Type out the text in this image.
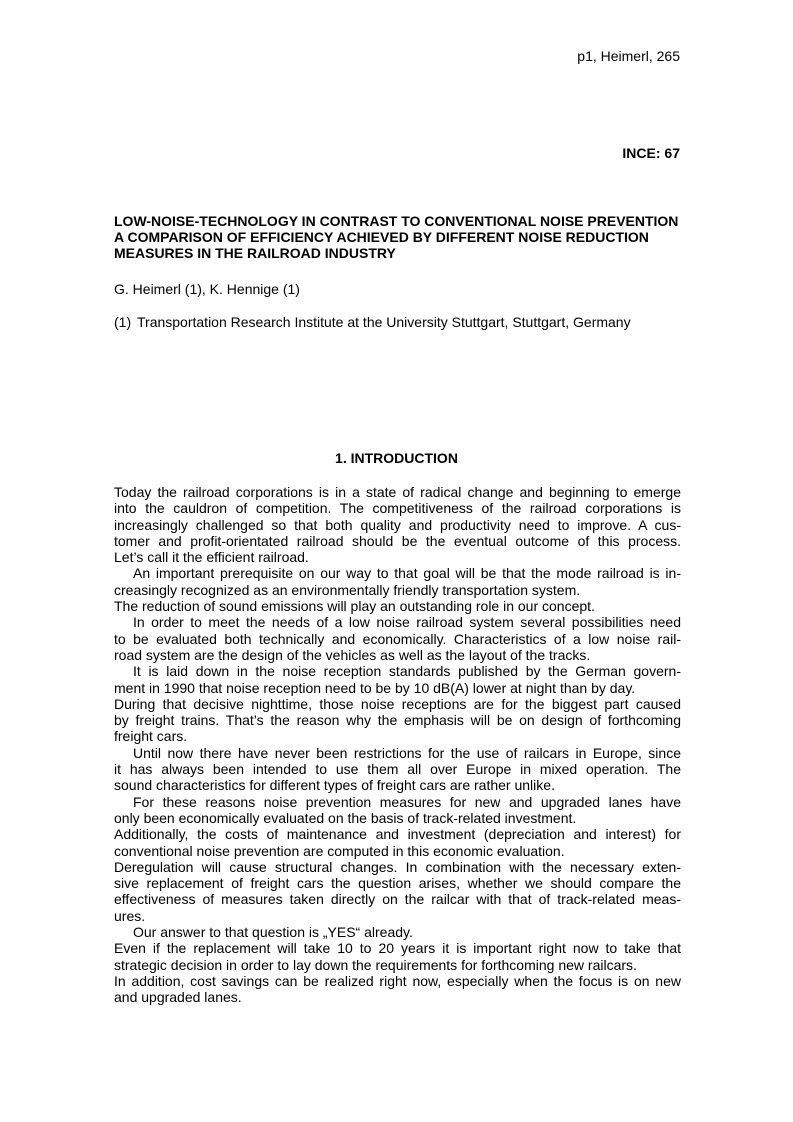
p1, Heimerl, 265
INCE: 67
LOW-NOISE-TECHNOLOGY IN CONTRAST TO CONVENTIONAL NOISE PREVENTION
A COMPARISON OF EFFICIENCY ACHIEVED BY DIFFERENT NOISE REDUCTION
MEASURES IN THE RAILROAD INDUSTRY
G. Heimerl (1), K. Hennige (1)
(1) Transportation Research Institute at the University Stuttgart, Stuttgart, Germany
1. INTRODUCTION
Today the railroad corporations is in a state of radical change and beginning to emerge
into the cauldron of competition. The competitiveness of the railroad corporations is
increasingly challenged so that both quality and productivity need to improve. A cus-
tomer and profit-orientated railroad should be the eventual outcome of this process.
Let’s call it the efficient railroad.
An important prerequisite on our way to that goal will be that the mode railroad is in-
creasingly recognized as an environmentally friendly transportation system.
The reduction of sound emissions will play an outstanding role in our concept.
In order to meet the needs of a low noise railroad system several possibilities need
to be evaluated both technically and economically. Characteristics of a low noise rail-
road system are the design of the vehicles as well as the layout of the tracks.
It is laid down in the noise reception standards published by the German govern-
ment in 1990 that noise reception need to be by 10 dB(A) lower at night than by day.
During that decisive nighttime, those noise receptions are for the biggest part caused
by freight trains. That’s the reason why the emphasis will be on design of forthcoming
freight cars.
Until now there have never been restrictions for the use of railcars in Europe, since
it has always been intended to use them all over Europe in mixed operation. The
sound characteristics for different types of freight cars are rather unlike.
For these reasons noise prevention measures for new and upgraded lanes have
only been economically evaluated on the basis of track-related investment.
Additionally, the costs of maintenance and investment (depreciation and interest) for
conventional noise prevention are computed in this economic evaluation.
Deregulation will cause structural changes. In combination with the necessary exten-
sive replacement of freight cars the question arises, whether we should compare the
effectiveness of measures taken directly on the railcar with that of track-related meas-
ures.
Our answer to that question is „YES“ already.
Even if the replacement will take 10 to 20 years it is important right now to take that
strategic decision in order to lay down the requirements for forthcoming new railcars.
In addition, cost savings can be realized right now, especially when the focus is on new
and upgraded lanes.
